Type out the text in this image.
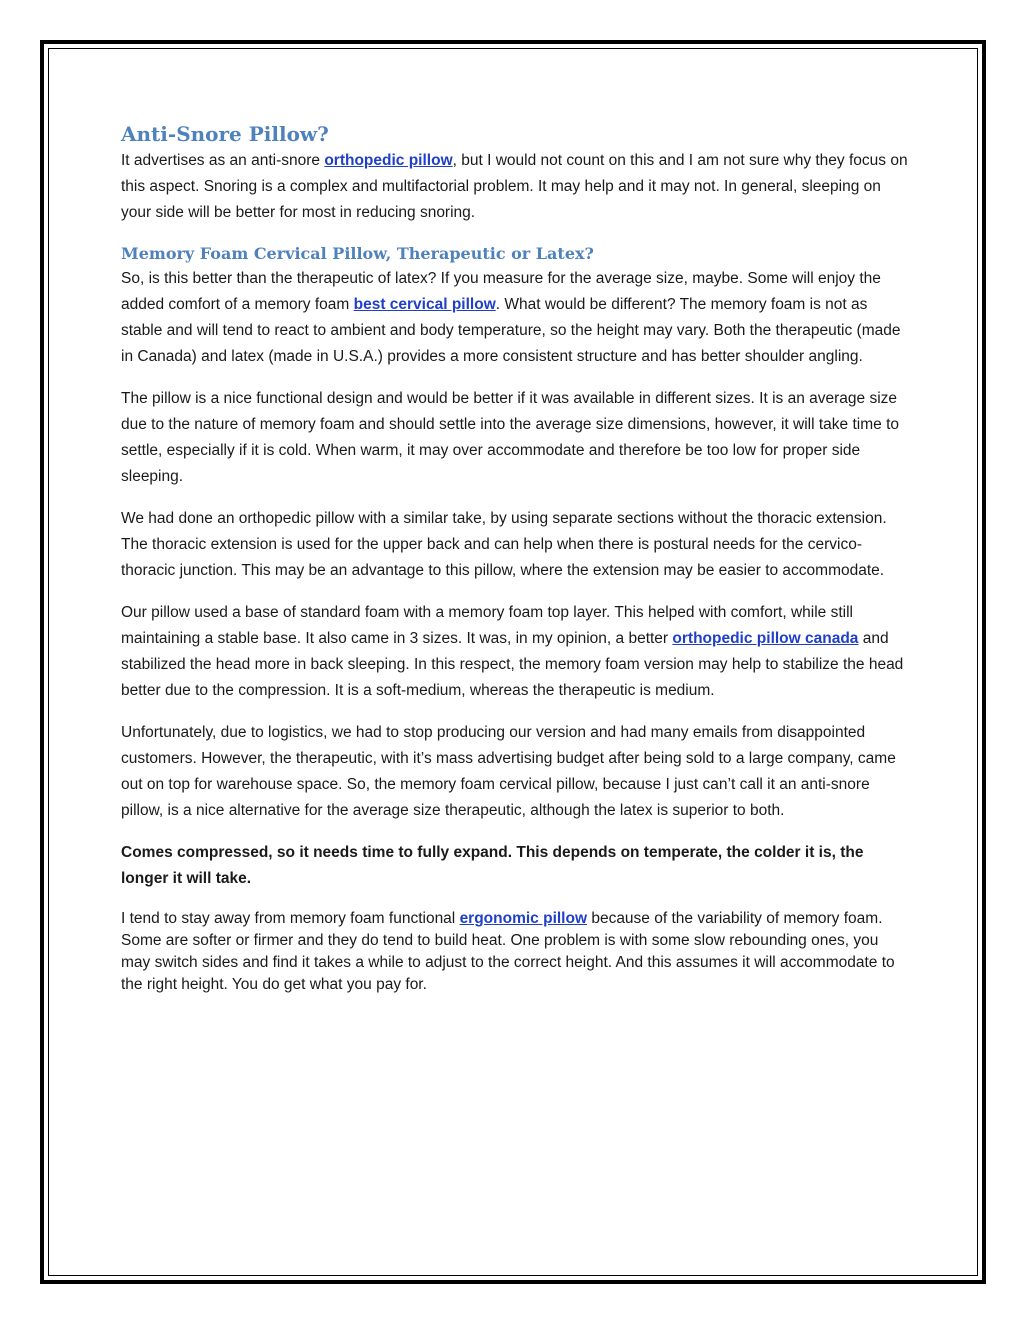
Anti-Snore Pillow?

It advertises as an anti-snore orthopedic pillow, but I would not count on this and I am not sure why they focus on this aspect. Snoring is a complex and multifactorial problem. It may help and it may not. In general, sleeping on your side will be better for most in reducing snoring.

Memory Foam Cervical Pillow, Therapeutic or Latex?

So, is this better than the therapeutic of latex? If you measure for the average size, maybe. Some will enjoy the added comfort of a memory foam best cervical pillow. What would be different? The memory foam is not as stable and will tend to react to ambient and body temperature, so the height may vary. Both the therapeutic (made in Canada) and latex (made in U.S.A.) provides a more consistent structure and has better shoulder angling.

The pillow is a nice functional design and would be better if it was available in different sizes. It is an average size due to the nature of memory foam and should settle into the average size dimensions, however, it will take time to settle, especially if it is cold. When warm, it may over accommodate and therefore be too low for proper side sleeping.

We had done an orthopedic pillow with a similar take, by using separate sections without the thoracic extension. The thoracic extension is used for the upper back and can help when there is postural needs for the cervico-thoracic junction. This may be an advantage to this pillow, where the extension may be easier to accommodate.

Our pillow used a base of standard foam with a memory foam top layer. This helped with comfort, while still maintaining a stable base. It also came in 3 sizes. It was, in my opinion, a better orthopedic pillow canada and stabilized the head more in back sleeping. In this respect, the memory foam version may help to stabilize the head better due to the compression. It is a soft-medium, whereas the therapeutic is medium.

Unfortunately, due to logistics, we had to stop producing our version and had many emails from disappointed customers. However, the therapeutic, with it’s mass advertising budget after being sold to a large company, came out on top for warehouse space. So, the memory foam cervical pillow, because I just can’t call it an anti-snore pillow, is a nice alternative for the average size therapeutic, although the latex is superior to both.

Comes compressed, so it needs time to fully expand. This depends on temperate, the colder it is, the longer it will take.

I tend to stay away from memory foam functional ergonomic pillow because of the variability of memory foam. Some are softer or firmer and they do tend to build heat. One problem is with some slow rebounding ones, you may switch sides and find it takes a while to adjust to the correct height. And this assumes it will accommodate to the right height. You do get what you pay for.
